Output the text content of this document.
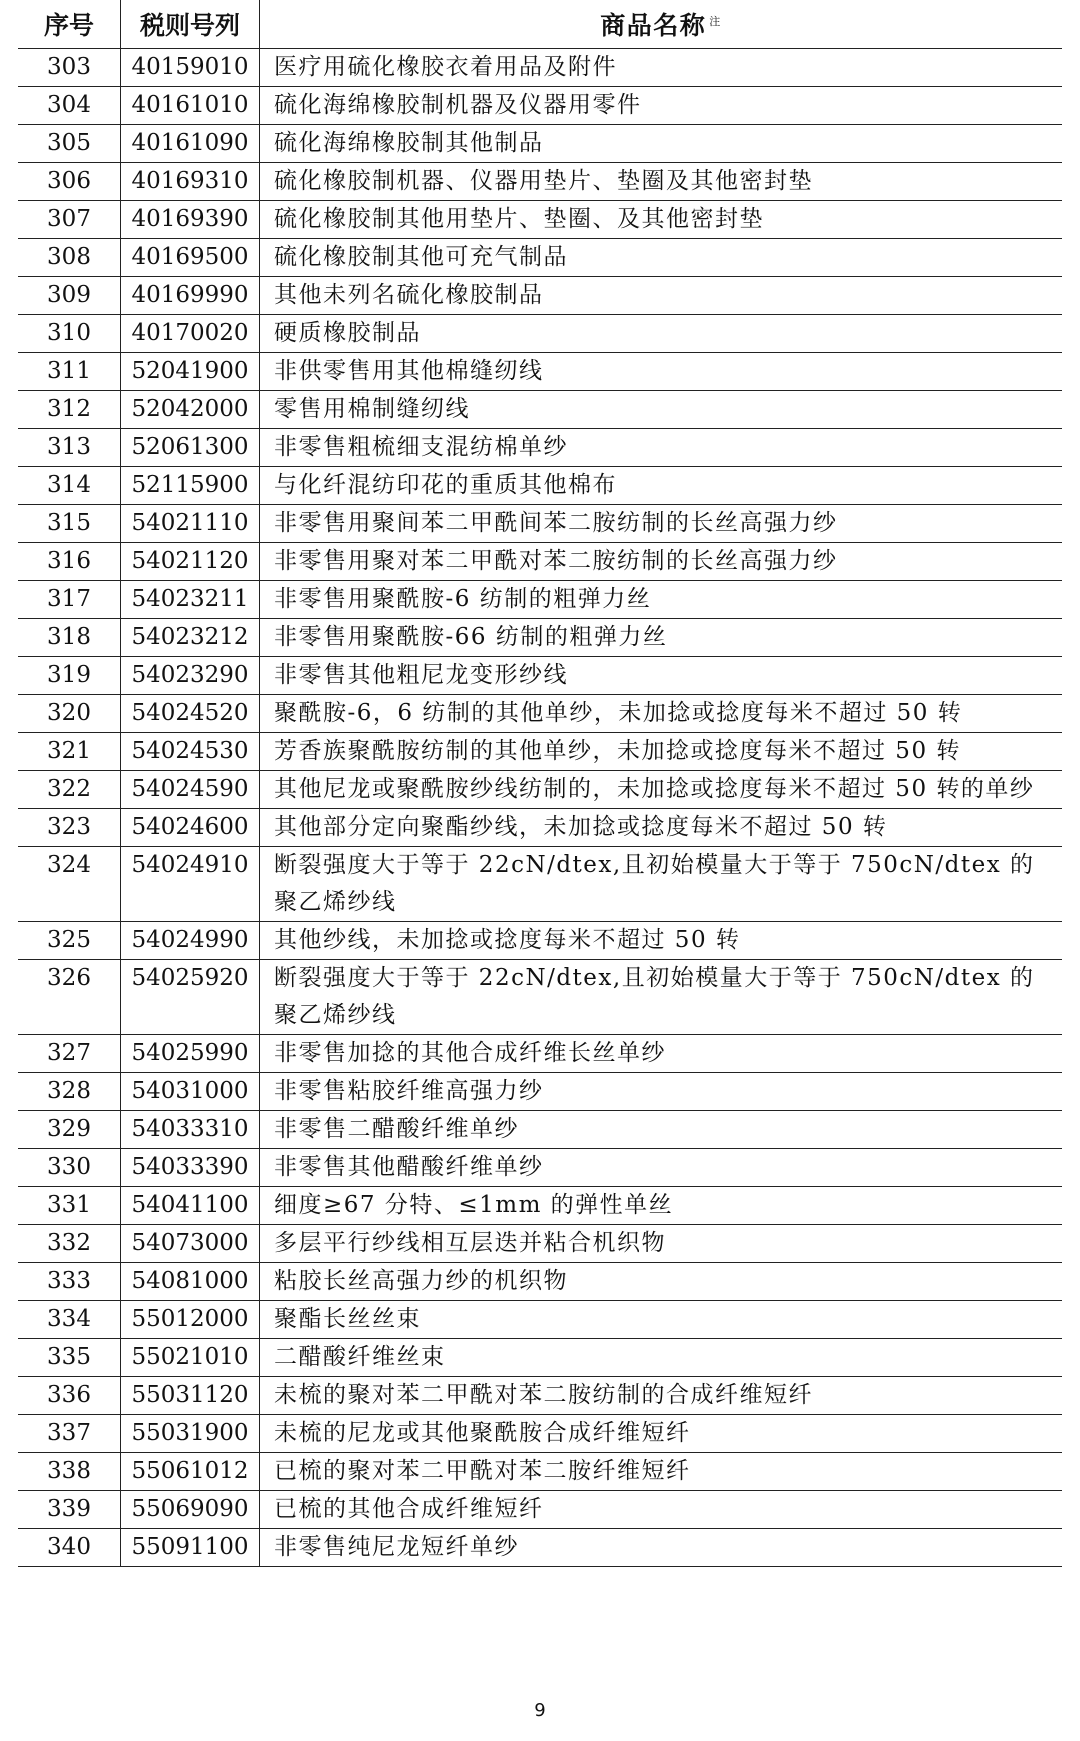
序号	税则号列	商品名称 $^注$
303	40159010	医疗用硫化橡胶衣着用品及附件
304	40161010	硫化海绵橡胶制机器及仪器用零件
305	40161090	硫化海绵橡胶制其他制品
306	40169310	硫化橡胶制机器、仪器用垫片、垫圈及其他密封垫
307	40169390	硫化橡胶制其他用垫片、垫圈、及其他密封垫
308	40169500	硫化橡胶制其他可充气制品
309	40169990	其他未列名硫化橡胶制品
310	40170020	硬质橡胶制品
311	52041900	非供零售用其他棉缝纫线
312	52042000	零售用棉制缝纫线
313	52061300	非零售粗梳细支混纺棉单纱
314	52115900	与化纤混纺印花的重质其他棉布
315	54021110	非零售用聚间苯二甲酰间苯二胺纺制的长丝高强力纱
316	54021120	非零售用聚对苯二甲酰对苯二胺纺制的长丝高强力纱
317	54023211	非零售用聚酰胺-6 纺制的粗弹力丝
318	54023212	非零售用聚酰胺-66 纺制的粗弹力丝
319	54023290	非零售其他粗尼龙变形纱线
320	54024520	聚酰胺-6，6 纺制的其他单纱，未加捻或捻度每米不超过 50 转
321	54024530	芳香族聚酰胺纺制的其他单纱，未加捻或捻度每米不超过 50 转
322	54024590	其他尼龙或聚酰胺纱线纺制的，未加捻或捻度每米不超过 50 转的单纱
323	54024600	其他部分定向聚酯纱线，未加捻或捻度每米不超过 50 转
324	54024910	断裂强度大于等于 22cN/dtex,且初始模量大于等于 750cN/dtex 的聚乙烯纱线
325	54024990	其他纱线，未加捻或捻度每米不超过 50 转
326	54025920	断裂强度大于等于 22cN/dtex,且初始模量大于等于 750cN/dtex 的聚乙烯纱线
327	54025990	非零售加捻的其他合成纤维长丝单纱
328	54031000	非零售粘胶纤维高强力纱
329	54033310	非零售二醋酸纤维单纱
330	54033390	非零售其他醋酸纤维单纱
331	54041100	细度≥67 分特、≤1mm 的弹性单丝
332	54073000	多层平行纱线相互层迭并粘合机织物
333	54081000	粘胶长丝高强力纱的机织物
334	55012000	聚酯长丝丝束
335	55021010	二醋酸纤维丝束
336	55031120	未梳的聚对苯二甲酰对苯二胺纺制的合成纤维短纤
337	55031900	未梳的尼龙或其他聚酰胺合成纤维短纤
338	55061012	已梳的聚对苯二甲酰对苯二胺纤维短纤
339	55069090	已梳的其他合成纤维短纤
340	55091100	非零售纯尼龙短纤单纱
9
